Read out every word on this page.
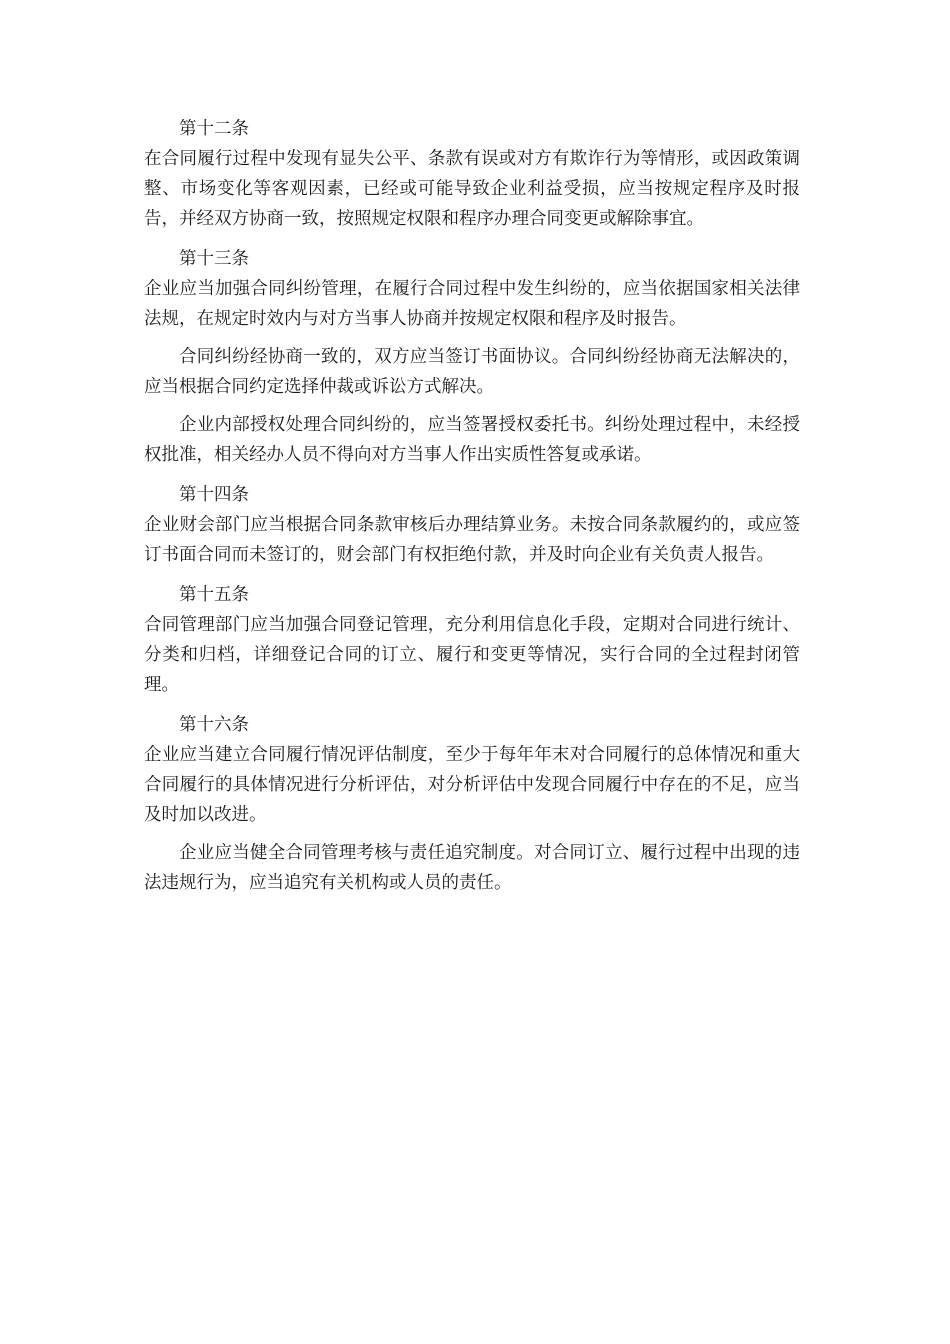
第十二条

在合同履行过程中发现有显失公平、条款有误或对方有欺诈行为等情形，或因政策调整、市场变化等客观因素，已经或可能导致企业利益受损，应当按规定程序及时报告，并经双方协商一致，按照规定权限和程序办理合同变更或解除事宜。

第十三条

企业应当加强合同纠纷管理，在履行合同过程中发生纠纷的，应当依据国家相关法律法规，在规定时效内与对方当事人协商并按规定权限和程序及时报告。

合同纠纷经协商一致的，双方应当签订书面协议。合同纠纷经协商无法解决的，应当根据合同约定选择仲裁或诉讼方式解决。

企业内部授权处理合同纠纷的，应当签署授权委托书。纠纷处理过程中，未经授权批准，相关经办人员不得向对方当事人作出实质性答复或承诺。

第十四条

企业财会部门应当根据合同条款审核后办理结算业务。未按合同条款履约的，或应签订书面合同而未签订的，财会部门有权拒绝付款，并及时向企业有关负责人报告。

第十五条

合同管理部门应当加强合同登记管理，充分利用信息化手段，定期对合同进行统计、分类和归档，详细登记合同的订立、履行和变更等情况，实行合同的全过程封闭管理。

第十六条

企业应当建立合同履行情况评估制度，至少于每年年末对合同履行的总体情况和重大合同履行的具体情况进行分析评估，对分析评估中发现合同履行中存在的不足，应当及时加以改进。

企业应当健全合同管理考核与责任追究制度。对合同订立、履行过程中出现的违法违规行为，应当追究有关机构或人员的责任。
